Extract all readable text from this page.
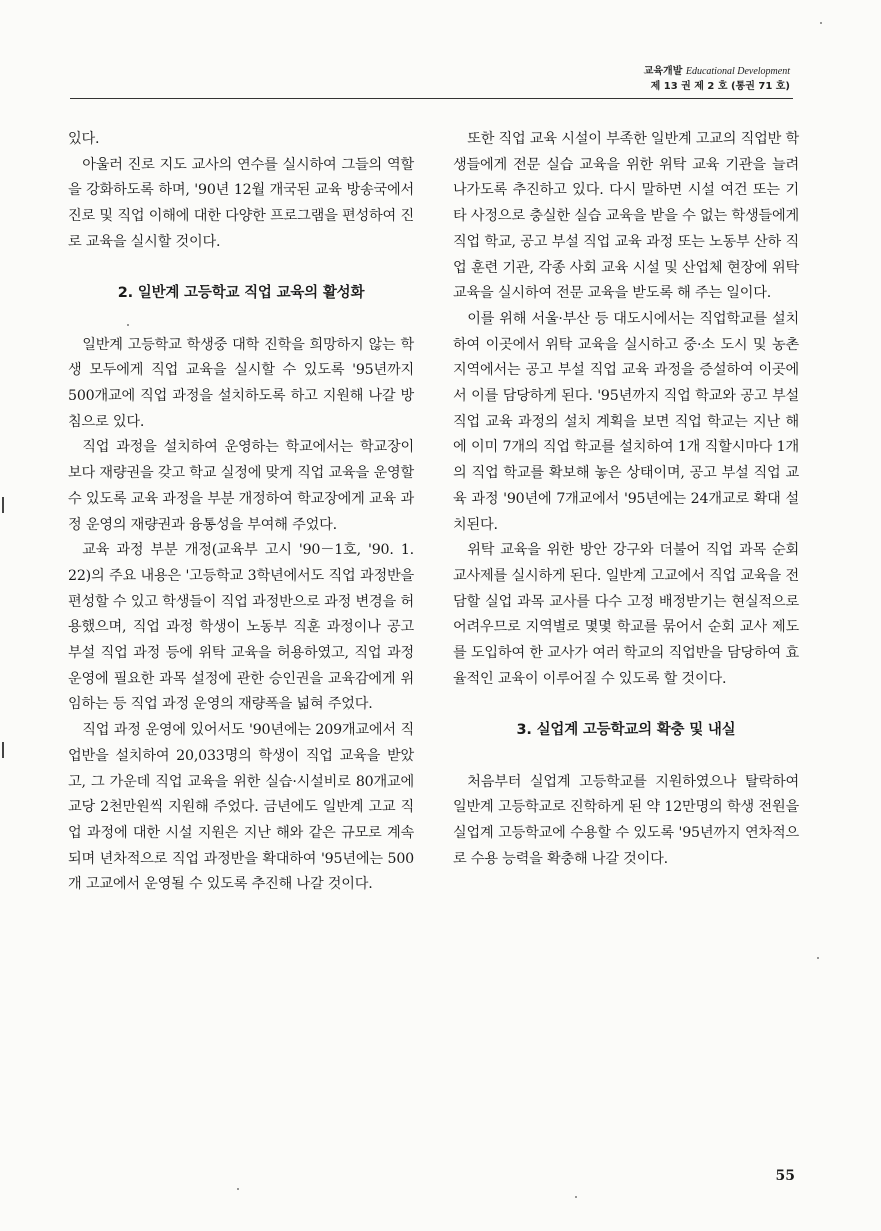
교육개발 Educational Development
제 13 권 제 2 호 (통권 71 호)

있다.

아울러 진로 지도 교사의 연수를 실시하여 그들의 역할을 강화하도록 하며, '90년 12월 개국된 교육 방송국에서 진로 및 직업 이해에 대한 다양한 프로그램을 편성하여 진로 교육을 실시할 것이다.

2. 일반계 고등학교 직업 교육의 활성화

일반계 고등학교 학생중 대학 진학을 희망하지 않는 학생 모두에게 직업 교육을 실시할 수 있도록 '95년까지 500개교에 직업 과정을 설치하도록 하고 지원해 나갈 방침으로 있다.

직업 과정을 설치하여 운영하는 학교에서는 학교장이 보다 재량권을 갖고 학교 실정에 맞게 직업 교육을 운영할 수 있도록 교육 과정을 부분 개정하여 학교장에게 교육 과정 운영의 재량권과 융통성을 부여해 주었다.

교육 과정 부분 개정(교육부 고시 '90－1호, '90. 1. 22)의 주요 내용은 '고등학교 3학년에서도 직업 과정반을 편성할 수 있고 학생들이 직업 과정반으로 과정 변경을 허용했으며, 직업 과정 학생이 노동부 직훈 과정이나 공고 부설 직업 과정 등에 위탁 교육을 허용하였고, 직업 과정 운영에 필요한 과목 설정에 관한 승인권을 교육감에게 위임하는 등 직업 과정 운영의 재량폭을 넓혀 주었다.

직업 과정 운영에 있어서도 '90년에는 209개교에서 직업반을 설치하여 20,033명의 학생이 직업 교육을 받았고, 그 가운데 직업 교육을 위한 실습·시설비로 80개교에 교당 2천만원씩 지원해 주었다. 금년에도 일반계 고교 직업 과정에 대한 시설 지원은 지난 해와 같은 규모로 계속되며 년차적으로 직업 과정반을 확대하여 '95년에는 500개 고교에서 운영될 수 있도록 추진해 나갈 것이다.

또한 직업 교육 시설이 부족한 일반계 고교의 직업반 학생들에게 전문 실습 교육을 위한 위탁 교육 기관을 늘려 나가도록 추진하고 있다. 다시 말하면 시설 여건 또는 기타 사정으로 충실한 실습 교육을 받을 수 없는 학생들에게 직업 학교, 공고 부설 직업 교육 과정 또는 노동부 산하 직업 훈련 기관, 각종 사회 교육 시설 및 산업체 현장에 위탁 교육을 실시하여 전문 교육을 받도록 해 주는 일이다.

이를 위해 서울·부산 등 대도시에서는 직업학교를 설치하여 이곳에서 위탁 교육을 실시하고 중·소 도시 및 농촌 지역에서는 공고 부설 직업 교육 과정을 증설하여 이곳에서 이를 담당하게 된다. '95년까지 직업 학교와 공고 부설 직업 교육 과정의 설치 계획을 보면 직업 학교는 지난 해에 이미 7개의 직업 학교를 설치하여 1개 직할시마다 1개의 직업 학교를 확보해 놓은 상태이며, 공고 부설 직업 교육 과정 '90년에 7개교에서 '95년에는 24개교로 확대 설치된다.

위탁 교육을 위한 방안 강구와 더불어 직업 과목 순회 교사제를 실시하게 된다. 일반계 고교에서 직업 교육을 전담할 실업 과목 교사를 다수 고정 배정받기는 현실적으로 어려우므로 지역별로 몇몇 학교를 묶어서 순회 교사 제도를 도입하여 한 교사가 여러 학교의 직업반을 담당하여 효율적인 교육이 이루어질 수 있도록 할 것이다.

3. 실업계 고등학교의 확충 및 내실

처음부터 실업계 고등학교를 지원하였으나 탈락하여 일반계 고등학교로 진학하게 된 약 12만명의 학생 전원을 실업계 고등학교에 수용할 수 있도록 '95년까지 연차적으로 수용 능력을 확충해 나갈 것이다.

55
